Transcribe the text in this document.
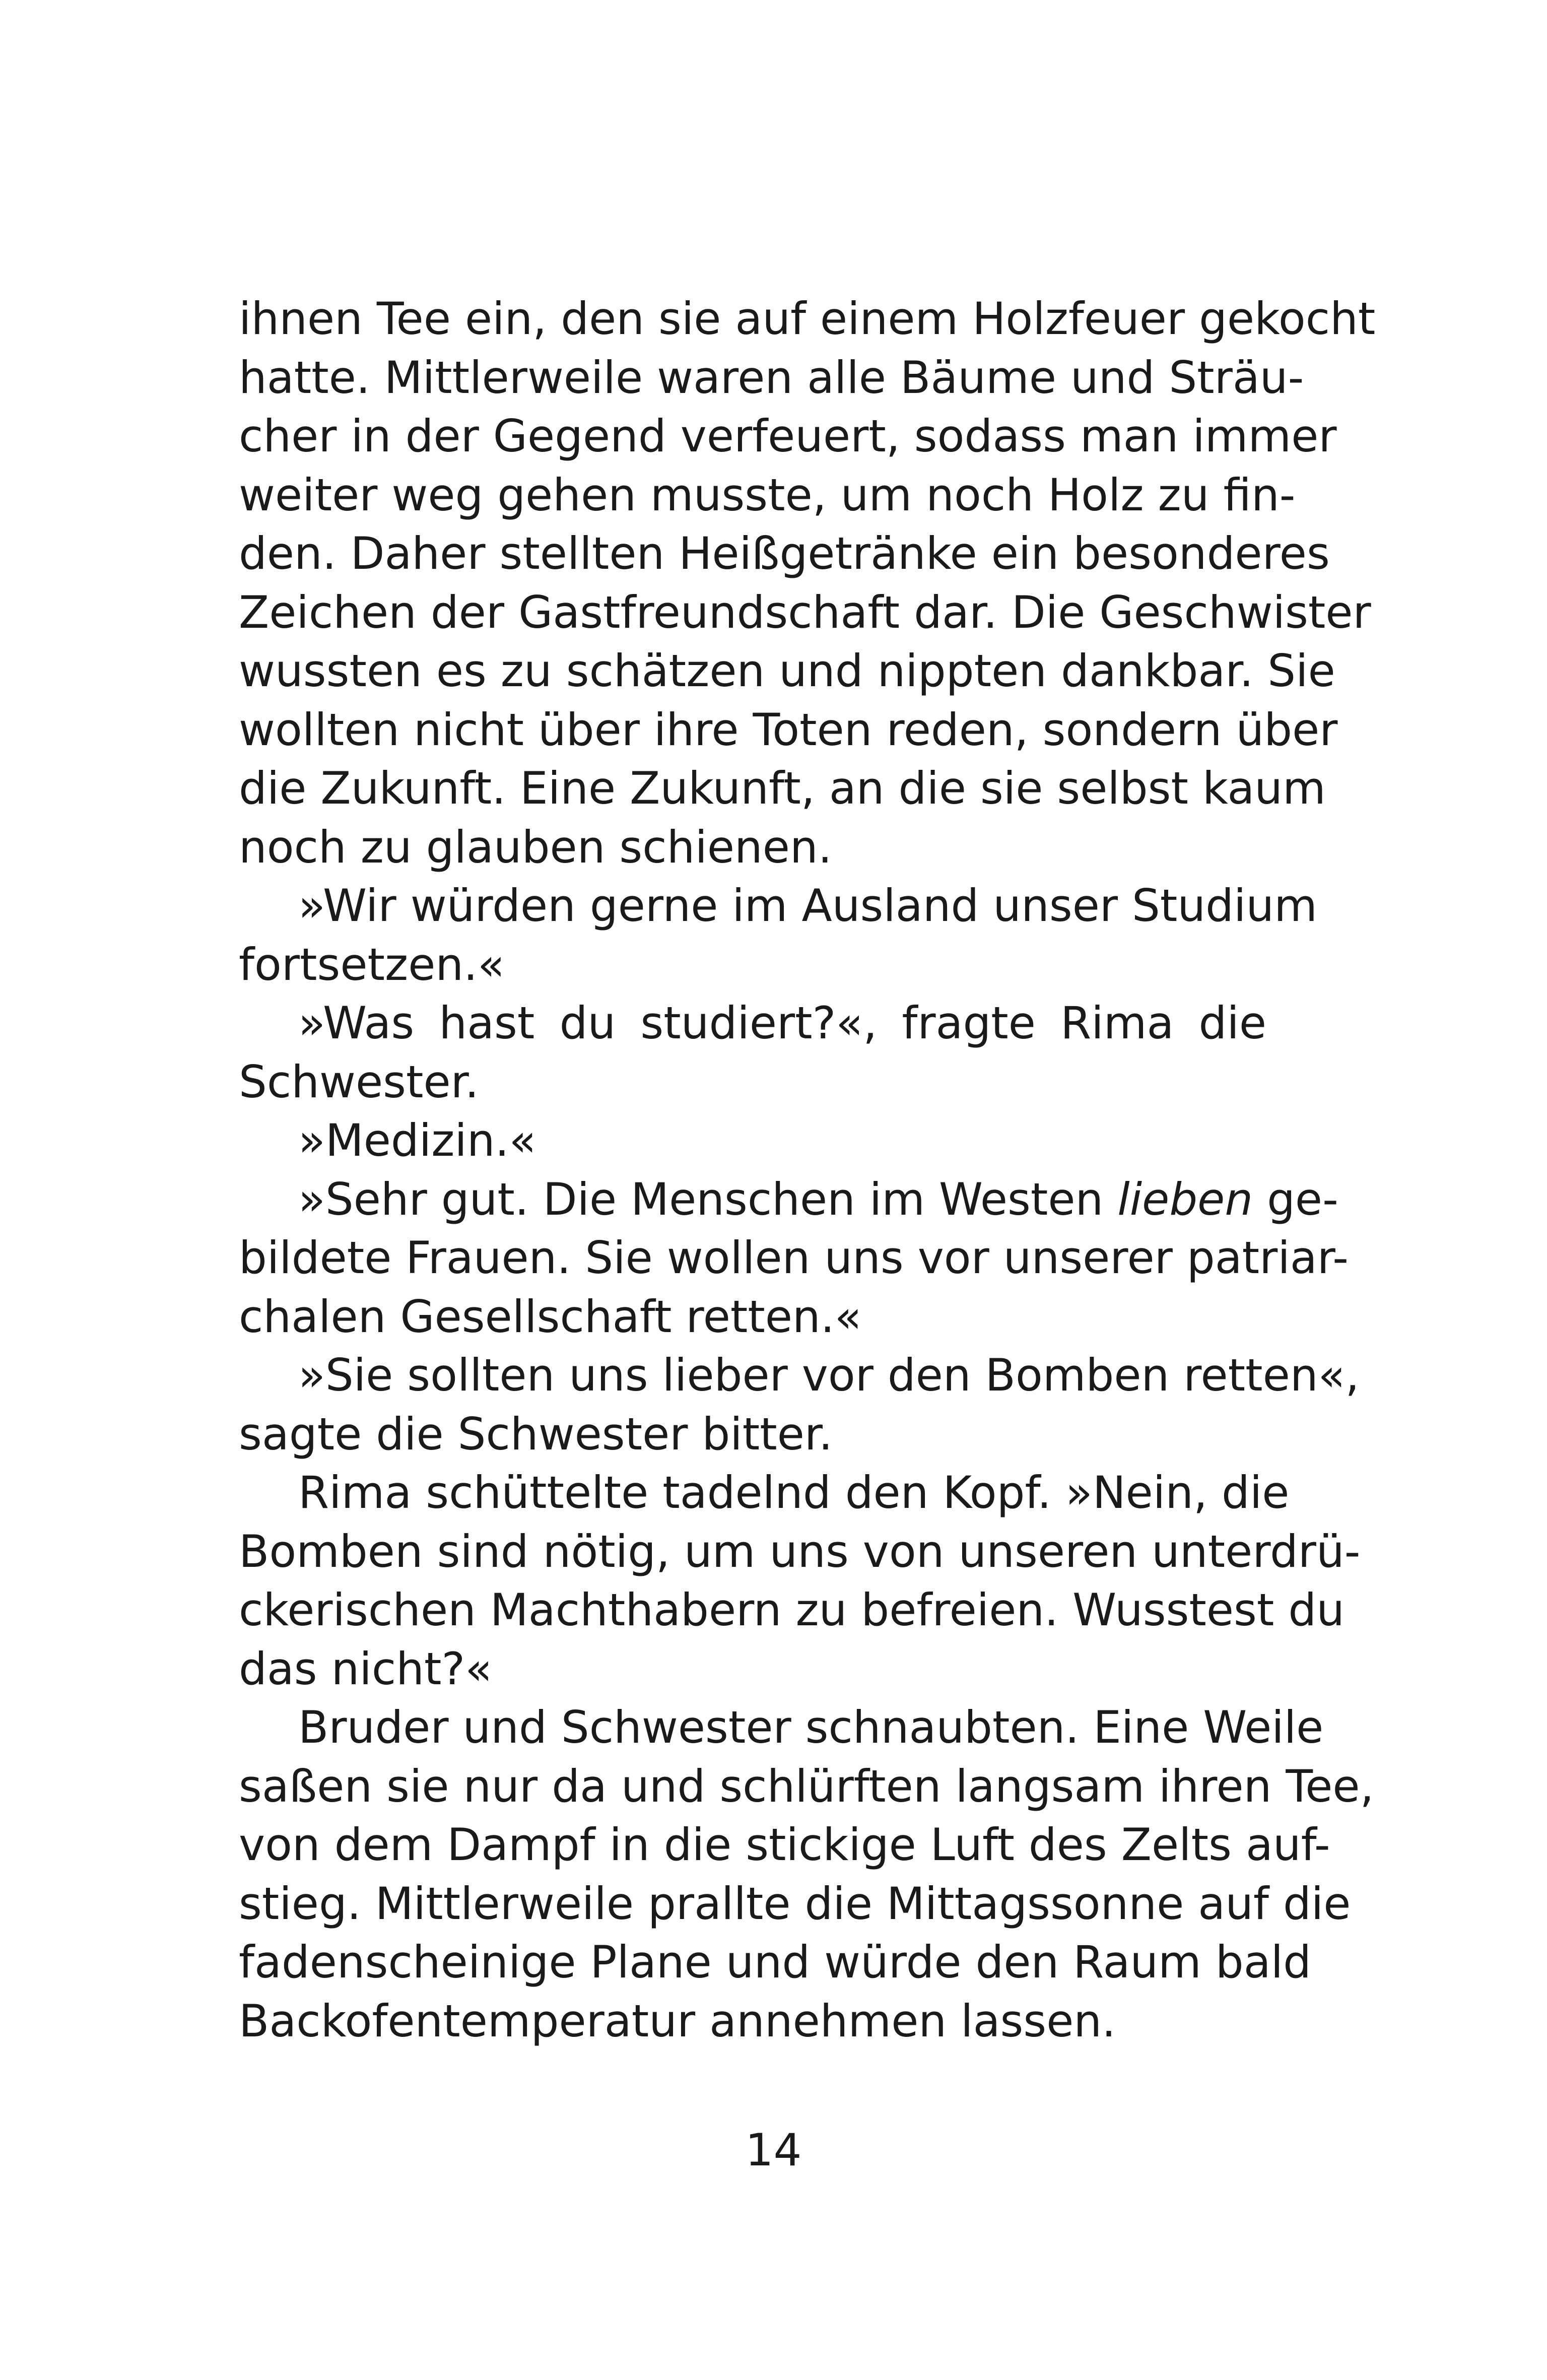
ihnen Tee ein, den sie auf einem Holzfeuer gekocht
hatte. Mittlerweile waren alle Bäume und Sträu-
cher in der Gegend verfeuert, sodass man immer
weiter weg gehen musste, um noch Holz zu fin-
den. Daher stellten Heißgetränke ein besonderes
Zeichen der Gastfreundschaft dar. Die Geschwister
wussten es zu schätzen und nippten dankbar. Sie
wollten nicht über ihre Toten reden, sondern über
die Zukunft. Eine Zukunft, an die sie selbst kaum
noch zu glauben schienen.
»Wir würden gerne im Ausland unser Studium
fortsetzen.«
»Was hast du studiert?«, fragte Rima die
Schwester.
»Medizin.«
»Sehr gut. Die Menschen im Westen lieben ge-
bildete Frauen. Sie wollen uns vor unserer patriar-
chalen Gesellschaft retten.«
»Sie sollten uns lieber vor den Bomben retten«,
sagte die Schwester bitter.
Rima schüttelte tadelnd den Kopf. »Nein, die
Bomben sind nötig, um uns von unseren unterdrü-
ckerischen Machthabern zu befreien. Wusstest du
das nicht?«
Bruder und Schwester schnaubten. Eine Weile
saßen sie nur da und schlürften langsam ihren Tee,
von dem Dampf in die stickige Luft des Zelts auf-
stieg. Mittlerweile prallte die Mittagssonne auf die
fadenscheinige Plane und würde den Raum bald
Backofentemperatur annehmen lassen.
14
